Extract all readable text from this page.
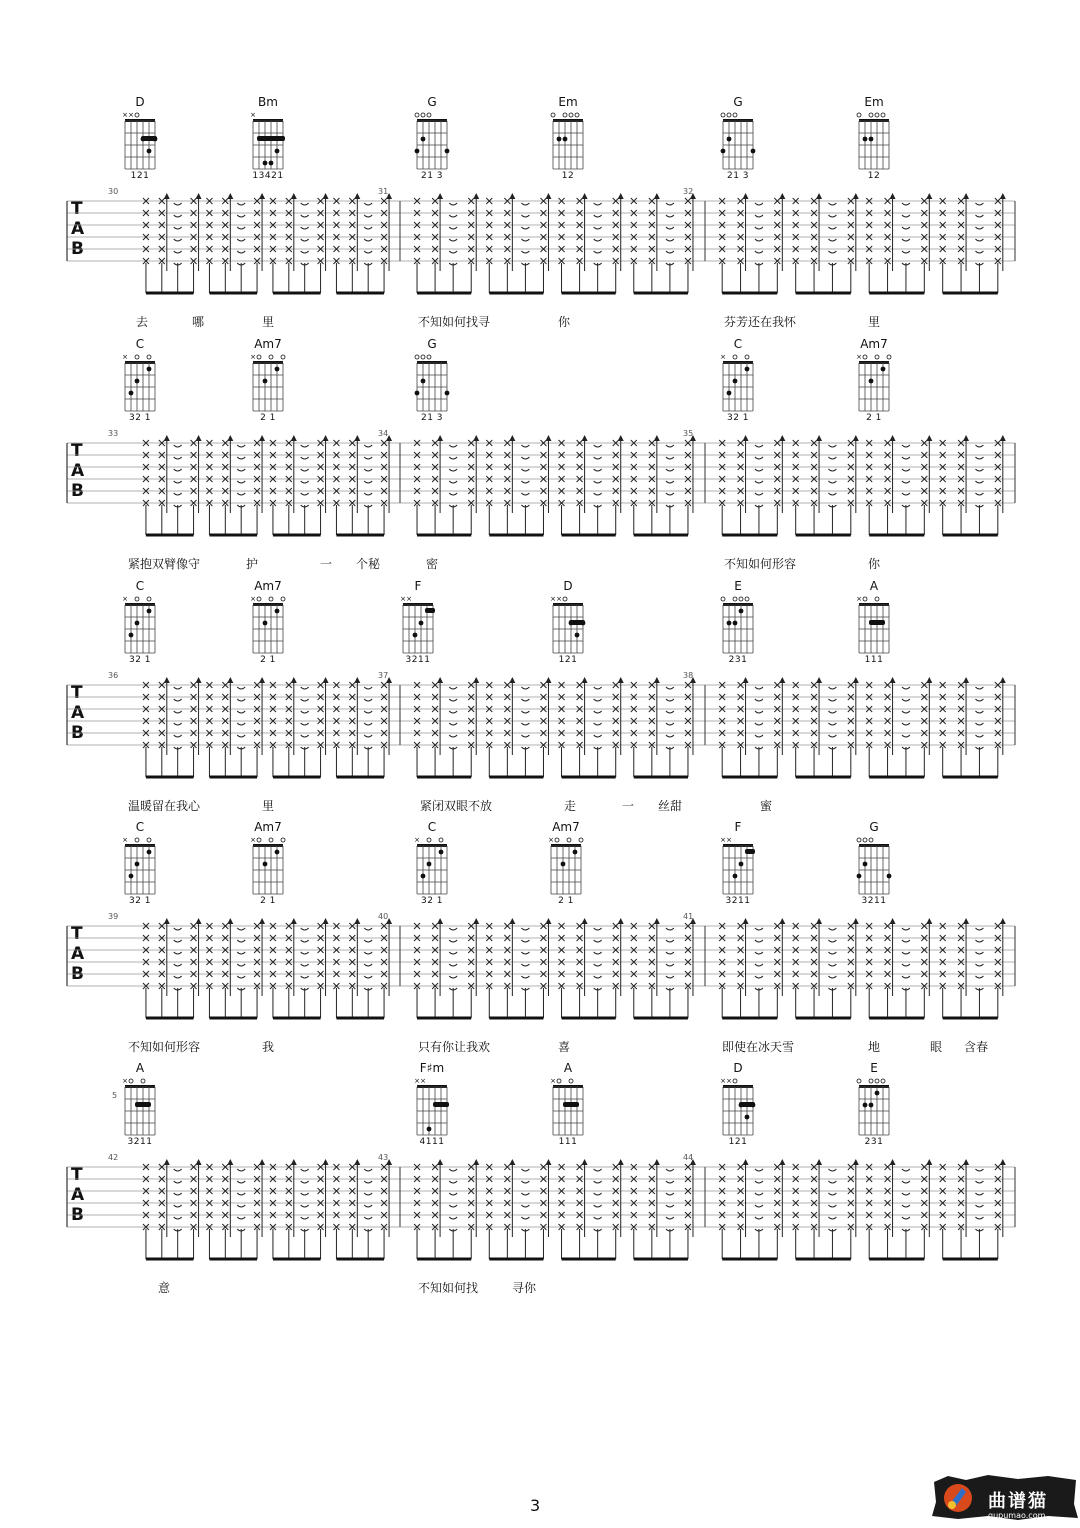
D
× ×
121
Bm
×
13421
G
21 3
Em
12
G
21 3
Em
12
T
A
B
30	31	32
去	哪	里	不知如何找寻	你	芬芳还在我怀	里
C
×
32 1
Am7
×
2 1
G
21 3
C
×
32 1
Am7
×
2 1
T
A
B
33	34	35
紧抱双臂像守	护	一 个秘	密	不知如何形容	你
C
×
32 1
Am7
×
2 1
F
× ×
3211
D
× ×
121
E
231
A
×
111
T
A
B
36	37	38
温暖留在我心	里	紧闭双眼不放	走	一 丝甜	蜜
C
×
32 1
Am7
×
2 1
C
×
32 1
Am7
×
2 1
F
× ×
3211
G
3211
T
A
B
39	40	41
不知如何形容	我	只有你让我欢	喜	即使在冰天雪	地	眼 含春
A
×
3211
F♯m
× ×
4111
A
×
111
D
× ×
121
E
231
5
T
A
B
42	43	44
意	不知如何找	寻你
3	曲谱猫
qupumao.com
